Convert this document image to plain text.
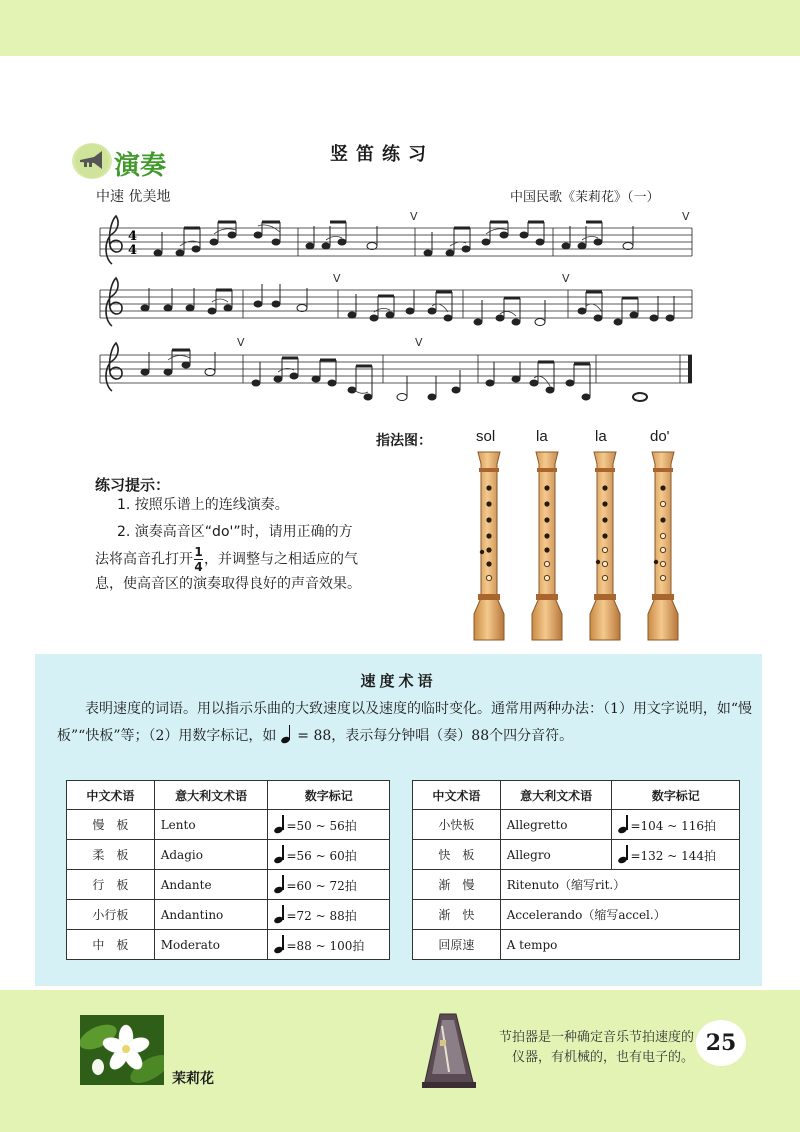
演奏	竖笛练习
中速 优美地	中国民歌《茉莉花》（一）
4
4
V	V
V	V
V	V
指法图：	sol	la	la	do'
练习提示：
1. 按照乐谱上的连线演奏。
2. 演奏高音区“do'”时，请用正确的方
法将高音孔打开 $\frac{1}{4}$ ，并调整与之相适应的气
息，使高音区的演奏取得良好的声音效果。
速度术语
表明速度的词语。用以指示乐曲的大致速度以及速度的临时变化。通常用两种办法：（1）用文字说明，如“慢板”“快板”等；（2）用数字标记，如 = 88，表示每分钟唱（奏）88个四分音符。
中文术语	意大利文术语	数字标记
慢　板	Lento	=50 ~ 56拍
柔　板	Adagio	=56 ~ 60拍
行　板	Andante	=60 ~ 72拍
小行板	Andantino	=72 ~ 88拍
中　板	Moderato	=88 ~ 100拍
中文术语	意大利文术语	数字标记
小快板	Allegretto	=104 ~ 116拍
快　板	Allegro	=132 ~ 144拍
渐　慢	Ritenuto（缩写rit.）	
渐　快	Accelerando（缩写accel.）	
回原速	A tempo	
茉莉花
节拍器是一种确定音乐节拍速度的仪器，有机械的，也有电子的。
25
